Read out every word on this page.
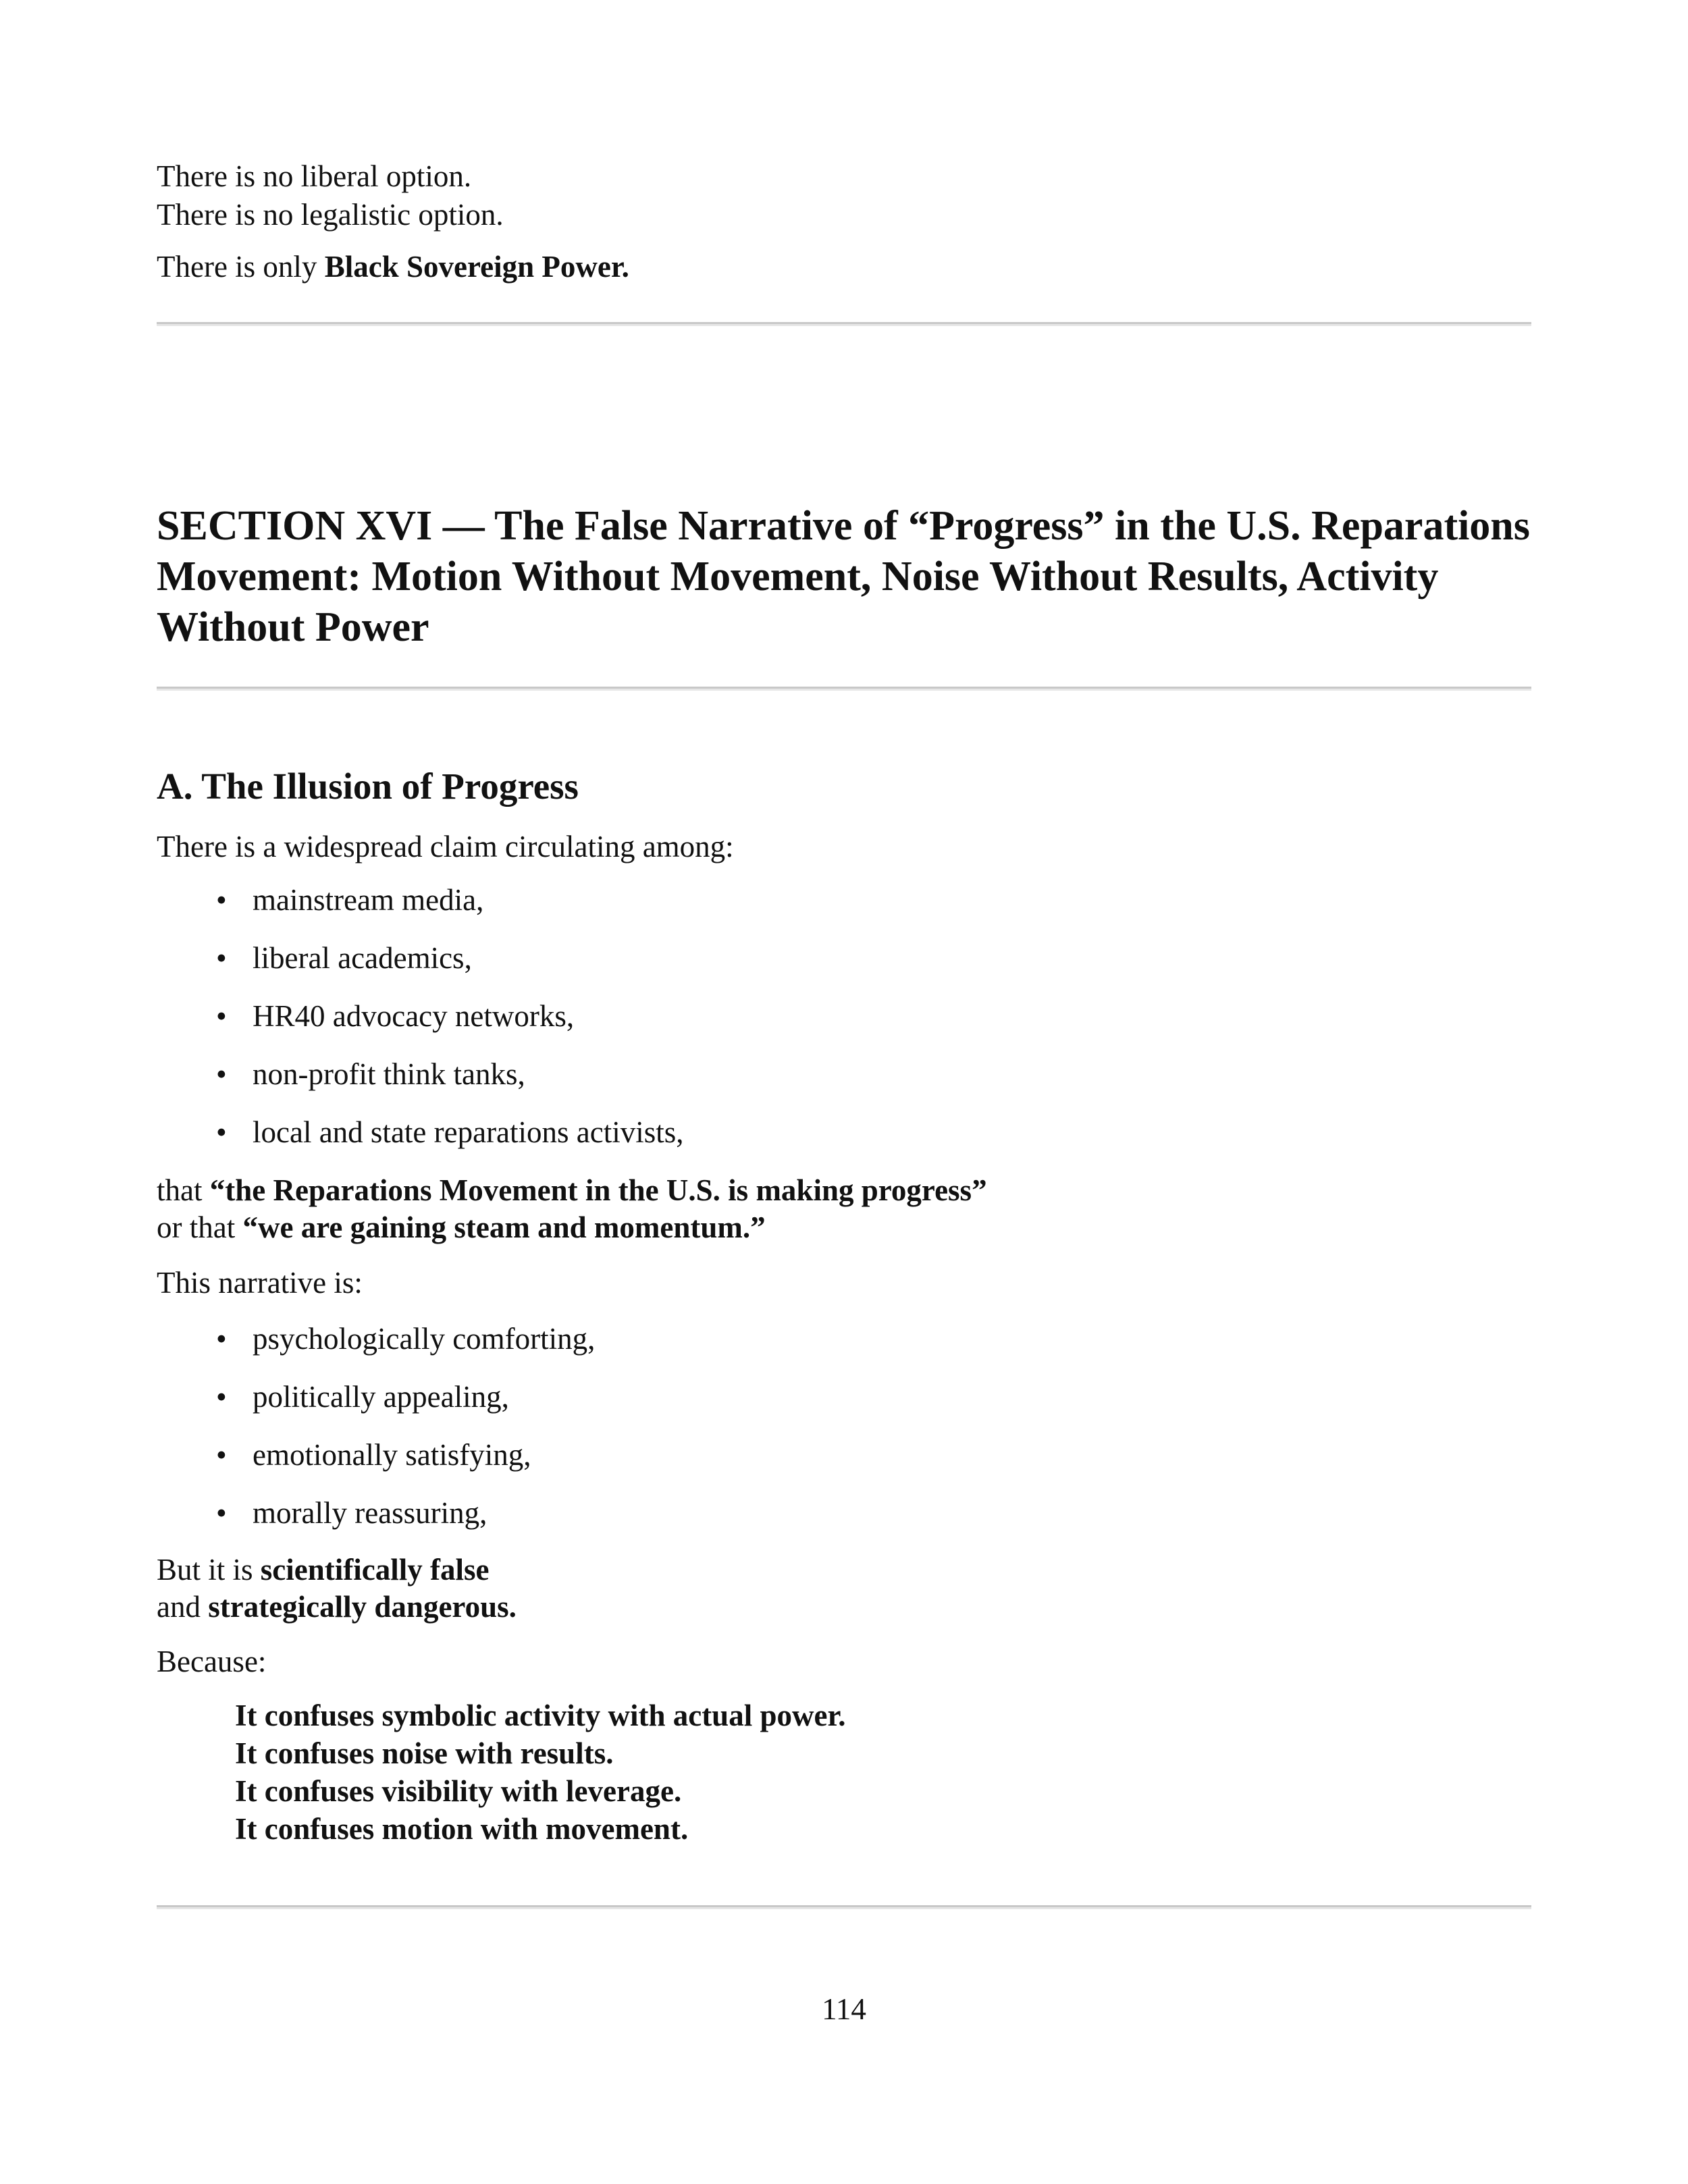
There is no liberal option.
There is no legalistic option.
There is only Black Sovereign Power.
SECTION XVI — The False Narrative of “Progress” in the U.S. Reparations Movement: Motion Without Movement, Noise Without Results, Activity Without Power
A. The Illusion of Progress
There is a widespread claim circulating among:
• mainstream media,
• liberal academics,
• HR40 advocacy networks,
• non-profit think tanks,
• local and state reparations activists,
that “the Reparations Movement in the U.S. is making progress”
or that “we are gaining steam and momentum.”
This narrative is:
• psychologically comforting,
• politically appealing,
• emotionally satisfying,
• morally reassuring,
But it is scientifically false
and strategically dangerous.
Because:
It confuses symbolic activity with actual power.
It confuses noise with results.
It confuses visibility with leverage.
It confuses motion with movement.
114
